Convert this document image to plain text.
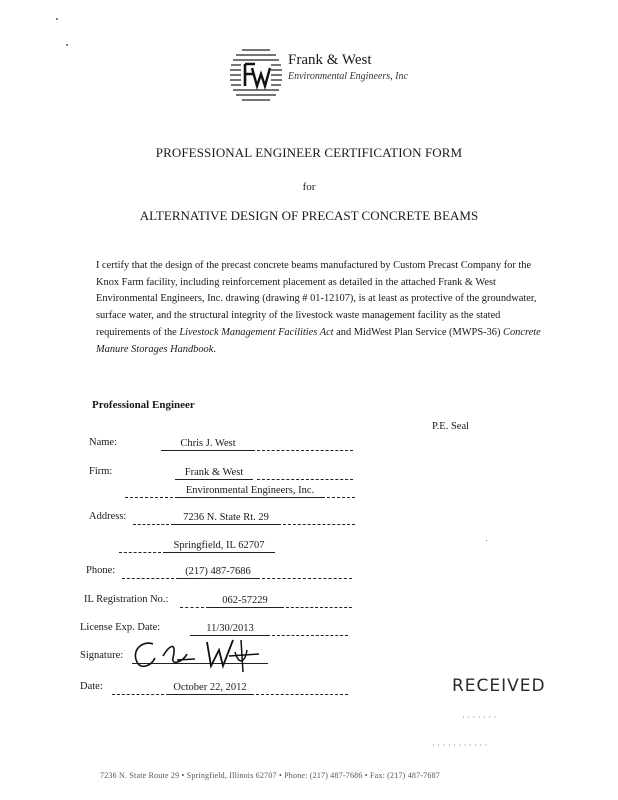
Frank & West
Environmental Engineers, Inc
PROFESSIONAL ENGINEER CERTIFICATION FORM
for
ALTERNATIVE DESIGN OF PRECAST CONCRETE BEAMS
I certify that the design of the precast concrete beams manufactured by Custom Precast Company for the Knox Farm facility, including reinforcement placement as detailed in the attached Frank & West Environmental Engineers, Inc. drawing (drawing # 01-12107), is at least as protective of the groundwater, surface water, and the structural integrity of the livestock waste management facility as the stated requirements of the Livestock Management Facilities Act and MidWest Plan Service (MWPS-36) Concrete Manure Storages Handbook.
Professional Engineer
P.E. Seal
Name:	Chris J. West
Firm:	Frank & West
Environmental Engineers, Inc.
Address:	7236 N. State Rt. 29
Springfield, IL 62707
Phone:	(217) 487-7686
IL Registration No.:	062-57229
License Exp. Date:	11/30/2013
Signature:
Date:	October 22, 2012	RECEIVED
· · · · · · ·
· · · · · · · · · · ·
7236 N. State Route 29 • Springfield, Illinois 62707 • Phone: (217) 487-7686 • Fax: (217) 487-7687
